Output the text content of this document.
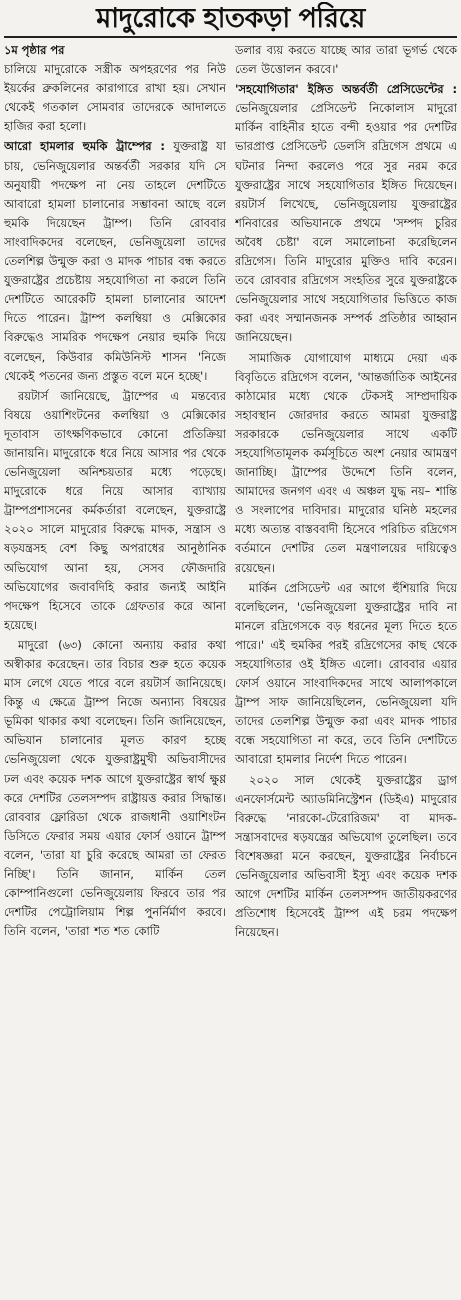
মাদুরোকে হাতকড়া পরিয়ে
১ম পৃষ্ঠার পর

চালিয়ে মাদুরোকে সস্ত্রীক অপহরণের পর নিউ ইয়র্কের ব্রুকলিনের কারাগারে রাখা হয়। সেখান থেকেই গতকাল সোমবার তাদেরকে আদালতে হাজির করা হলো।

আরো হামলার হুমকি ট্রাম্পের : যুক্তরাষ্ট্র যা চায়, ভেনিজুয়েলার অন্তর্বর্তী সরকার যদি সে অনুযায়ী পদক্ষেপ না নেয় তাহলে দেশটিতে আবারো হামলা চালানোর সম্ভাবনা আছে বলে হুমকি দিয়েছেন ট্রাম্প। তিনি রোববার সাংবাদিকদের বলেছেন, ভেনিজুয়েলা তাদের তেলশিল্প উন্মুক্ত করা ও মাদক পাচার বন্ধ করতে যুক্তরাষ্ট্রের প্রচেষ্টায় সহযোগিতা না করলে তিনি দেশটিতে আরেকটি হামলা চালানোর আদেশ দিতে পারেন। ট্রাম্প কলম্বিয়া ও মেক্সিকোর বিরুদ্ধেও সামরিক পদক্ষেপ নেয়ার হুমকি দিয়ে বলেছেন, কিউবার কমিউনিস্ট শাসন 'নিজে থেকেই পতনের জন্য প্রস্তুত বলে মনে হচ্ছে'।

রয়টার্স জানিয়েছে, ট্রাম্পের এ মন্তব্যের বিষয়ে ওয়াশিংটনের কলম্বিয়া ও মেক্সিকোর দূতাবাস তাৎক্ষণিকভাবে কোনো প্রতিক্রিয়া জানায়নি। মাদুরোকে ধরে নিয়ে আসার পর থেকে ভেনিজুয়েলা অনিশ্চয়তার মধ্যে পড়েছে। মাদুরোকে ধরে নিয়ে আসার ব্যাখ্যায় ট্রাম্পপ্রশাসনের কর্মকর্তারা বলেছেন, যুক্তরাষ্ট্রে ২০২০ সালে মাদুরোর বিরুদ্ধে মাদক, সন্ত্রাস ও ষড়যন্ত্রসহ বেশ কিছু অপরাধের আনুষ্ঠানিক অভিযোগ আনা হয়, সেসব ফৌজদারি অভিযোগের জবাবদিহি করার জন্যই আইনি পদক্ষেপ হিসেবে তাকে গ্রেফতার করে আনা হয়েছে।

মাদুরো (৬৩) কোনো অন্যায় করার কথা অস্বীকার করেছেন। তার বিচার শুরু হতে কয়েক মাস লেগে যেতে পারে বলে রয়টার্স জানিয়েছে। কিন্তু এ ক্ষেত্রে ট্রাম্প নিজে অন্যান্য বিষয়ের ভূমিকা থাকার কথা বলেছেন। তিনি জানিয়েছেন, অভিযান চালানোর মূলত কারণ হচ্ছে ভেনিজুয়েলা থেকে যুক্তরাষ্ট্রমুখী অভিবাসীদের ঢল এবং কয়েক দশক আগে যুক্তরাষ্ট্রের স্বার্থ ক্ষুণ্ণ করে দেশটির তেলসম্পদ রাষ্ট্রায়ত্ত করার সিদ্ধান্ত। রোববার ফ্লোরিডা থেকে রাজধানী ওয়াশিংটন ডিসিতে ফেরার সময় এয়ার ফোর্স ওয়ানে ট্রাম্প বলেন, 'তারা যা চুরি করেছে আমরা তা ফেরত নিচ্ছি'। তিনি জানান, মার্কিন তেল কোম্পানিগুলো ভেনিজুয়েলায় ফিরবে তার পর দেশটির পেট্রোলিয়াম শিল্প পুনর্নির্মাণ করবে। তিনি বলেন, 'তারা শত শত কোটি

ডলার ব্যয় করতে যাচ্ছে আর তারা ভূগর্ভ থেকে তেল উত্তোলন করবে।'

'সহযোগিতার' ইঙ্গিত অন্তর্বর্তী প্রেসিডেন্টের : ভেনিজুয়েলার প্রেসিডেন্ট নিকোলাস মাদুরো মার্কিন বাহিনীর হাতে বন্দী হওয়ার পর দেশটির ভারপ্রাপ্ত প্রেসিডেন্ট ডেলসি রদ্রিগেস প্রথমে এ ঘটনার নিন্দা করলেও পরে সুর নরম করে যুক্তরাষ্ট্রের সাথে সহযোগিতার ইঙ্গিত দিয়েছেন। রয়টার্স লিখেছে, ভেনিজুয়েলায় যুক্তরাষ্ট্রের শনিবারের অভিযানকে প্রথমে 'সম্পদ চুরির অবৈধ চেষ্টা' বলে সমালোচনা করেছিলেন রদ্রিগেস। তিনি মাদুরোর মুক্তিও দাবি করেন। তবে রোববার রদ্রিগেস সংহতির সুরে যুক্তরাষ্ট্রকে ভেনিজুয়েলার সাথে সহযোগিতার ভিত্তিতে কাজ করা এবং সম্মানজনক সম্পর্ক প্রতিষ্ঠার আহ্বান জানিয়েছেন।

সামাজিক যোগাযোগ মাধ্যমে দেয়া এক বিবৃতিতে রদ্রিগেস বলেন, 'আন্তর্জাতিক আইনের কাঠামোর মধ্যে থেকে টেকসই সাম্প্রদায়িক সহাবস্থান জোরদার করতে আমরা যুক্তরাষ্ট্র সরকারকে ভেনিজুয়েলার সাথে একটি সহযোগিতামূলক কর্মসূচিতে অংশ নেয়ার আমন্ত্রণ জানাচ্ছি। ট্রাম্পের উদ্দেশে তিনি বলেন, আমাদের জনগণ এবং এ অঞ্চল যুদ্ধ নয়– শান্তি ও সংলাপের দাবিদার। মাদুরোর ঘনিষ্ঠ মহলের মধ্যে অত্যন্ত বাস্তববাদী হিসেবে পরিচিত রদ্রিগেস বর্তমানে দেশটির তেল মন্ত্রণালয়ের দায়িত্বেও রয়েছেন।

মার্কিন প্রেসিডেন্ট এর আগে হুঁশিয়ারি দিয়ে বলেছিলেন, 'ভেনিজুয়েলা যুক্তরাষ্ট্রের দাবি না মানলে রদ্রিগেসকে বড় ধরনের মূল্য দিতে হতে পারে।' এই হুমকির পরই রদ্রিগেসের কাছ থেকে সহযোগিতার ওই ইঙ্গিত এলো। রোববার এয়ার ফোর্স ওয়ানে সাংবাদিকদের সাথে আলাপকালে ট্রাম্প সাফ জানিয়েছিলেন, ভেনিজুয়েলা যদি তাদের তেলশিল্প উন্মুক্ত করা এবং মাদক পাচার বন্ধে সহযোগিতা না করে, তবে তিনি দেশটিতে আবারো হামলার নির্দেশ দিতে পারেন।

২০২০ সাল থেকেই যুক্তরাষ্ট্রের ড্রাগ এনফোর্সমেন্ট অ্যাডমিনিস্ট্রেশন (ডিইএ) মাদুরোর বিরুদ্ধে 'নারকো-টেরোরিজম' বা মাদক-সন্ত্রাসবাদের ষড়যন্ত্রের অভিযোগ তুলেছিল। তবে বিশেষজ্ঞরা মনে করছেন, যুক্তরাষ্ট্রের নির্বাচনে ভেনিজুয়েলার অভিবাসী ইস্যু এবং কয়েক দশক আগে দেশটির মার্কিন তেলসম্পদ জাতীয়করণের প্রতিশোধ হিসেবেই ট্রাম্প এই চরম পদক্ষেপ নিয়েছেন।
